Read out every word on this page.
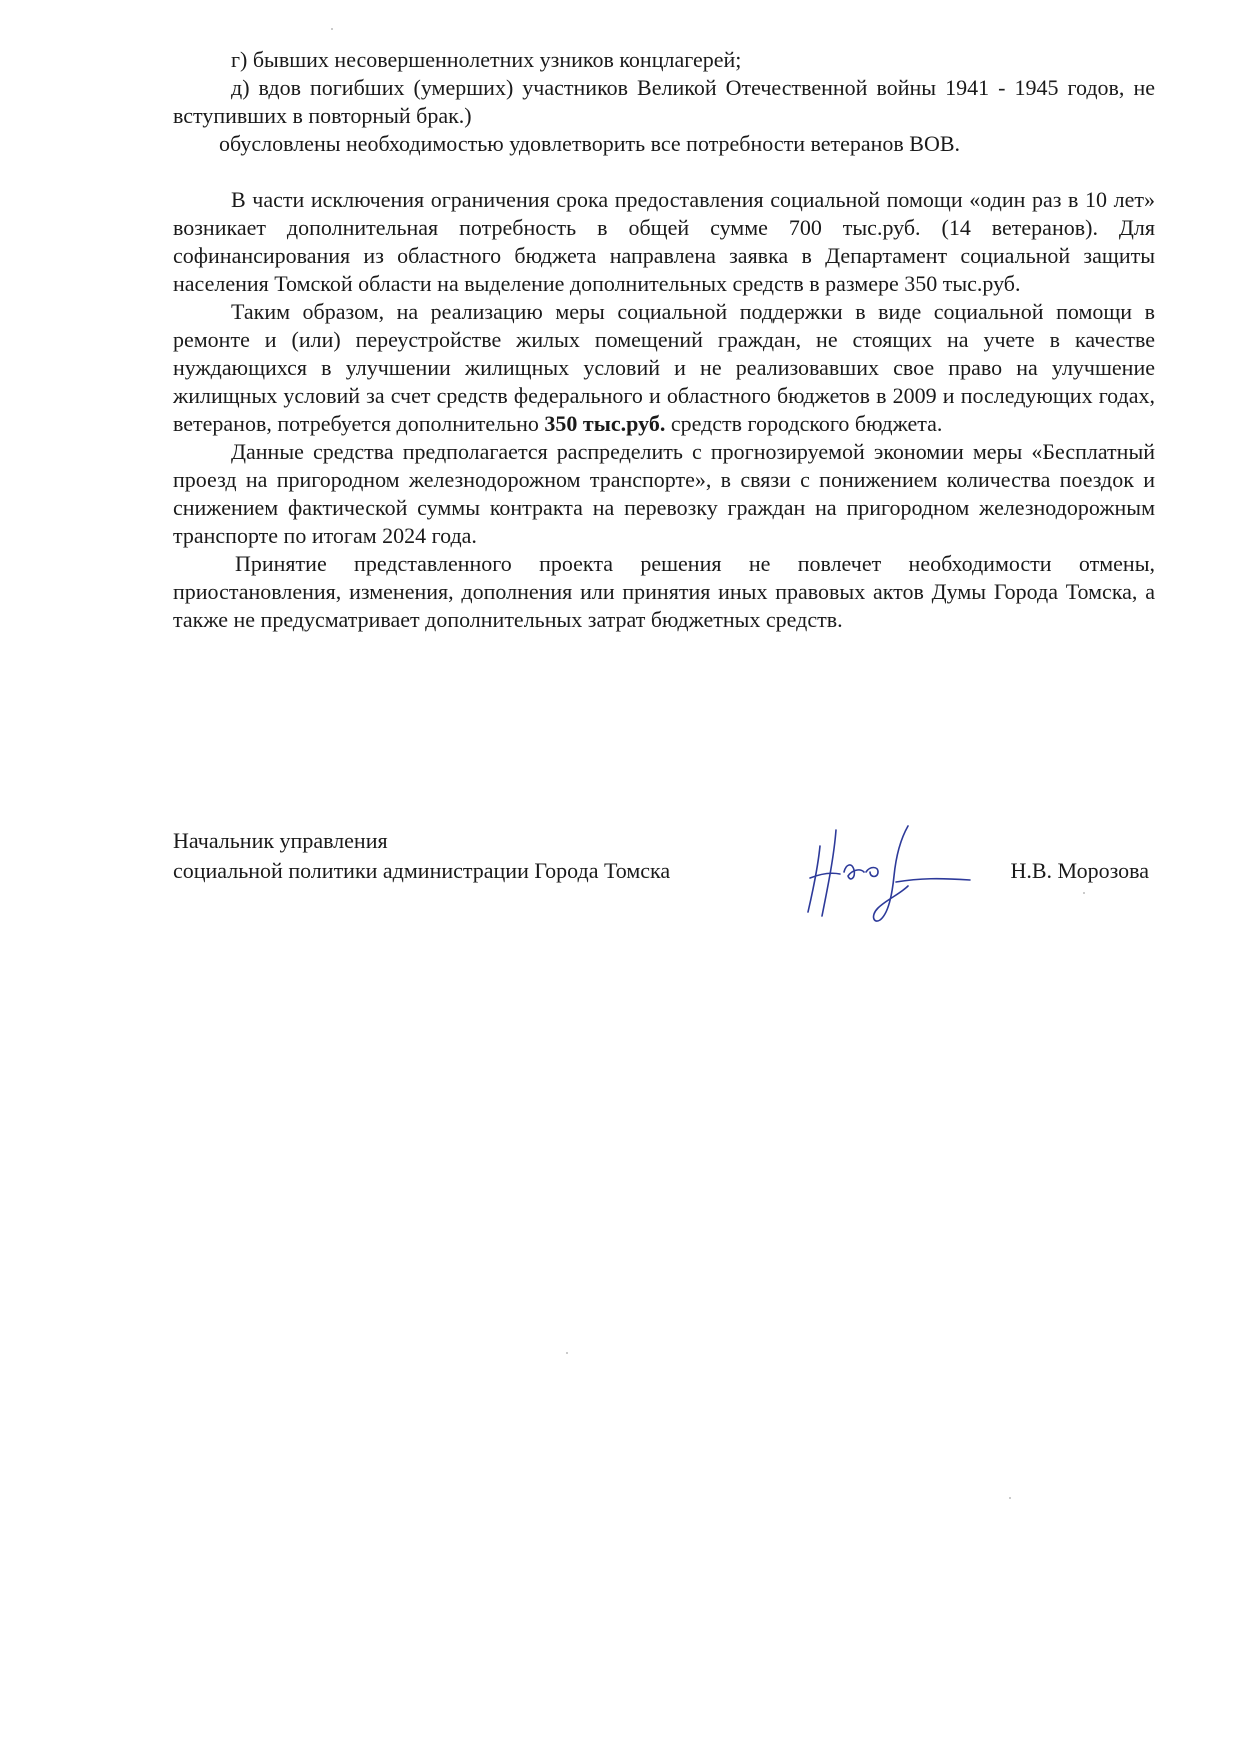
г) бывших несовершеннолетних узников концлагерей;

д) вдов погибших (умерших) участников Великой Отечественной войны 1941 - 1945 годов, не вступивших в повторный брак.)

обусловлены необходимостью удовлетворить все потребности ветеранов ВОВ.

В части исключения ограничения срока предоставления социальной помощи «один раз в 10 лет» возникает дополнительная потребность в общей сумме 700 тыс.руб. (14 ветеранов). Для софинансирования из областного бюджета направлена заявка в Департамент социальной защиты населения Томской области на выделение дополнительных средств в размере 350 тыс.руб.

Таким образом, на реализацию меры социальной поддержки в виде социальной помощи в ремонте и (или) переустройстве жилых помещений граждан, не стоящих на учете в качестве нуждающихся в улучшении жилищных условий и не реализовавших свое право на улучшение жилищных условий за счет средств федерального и областного бюджетов в 2009 и последующих годах, ветеранов, потребуется дополнительно 350 тыс.руб. средств городского бюджета.

Данные средства предполагается распределить с прогнозируемой экономии меры «Бесплатный проезд на пригородном железнодорожном транспорте», в связи с понижением количества поездок и снижением фактической суммы контракта на перевозку граждан на пригородном железнодорожным транспорте по итогам 2024 года.

Принятие представленного проекта решения не повлечет необходимости отмены, приостановления, изменения, дополнения или принятия иных правовых актов Думы Города Томска, а также не предусматривает дополнительных затрат бюджетных средств.

Начальник управления
социальной политики администрации Города Томска	Н.В. Морозова
